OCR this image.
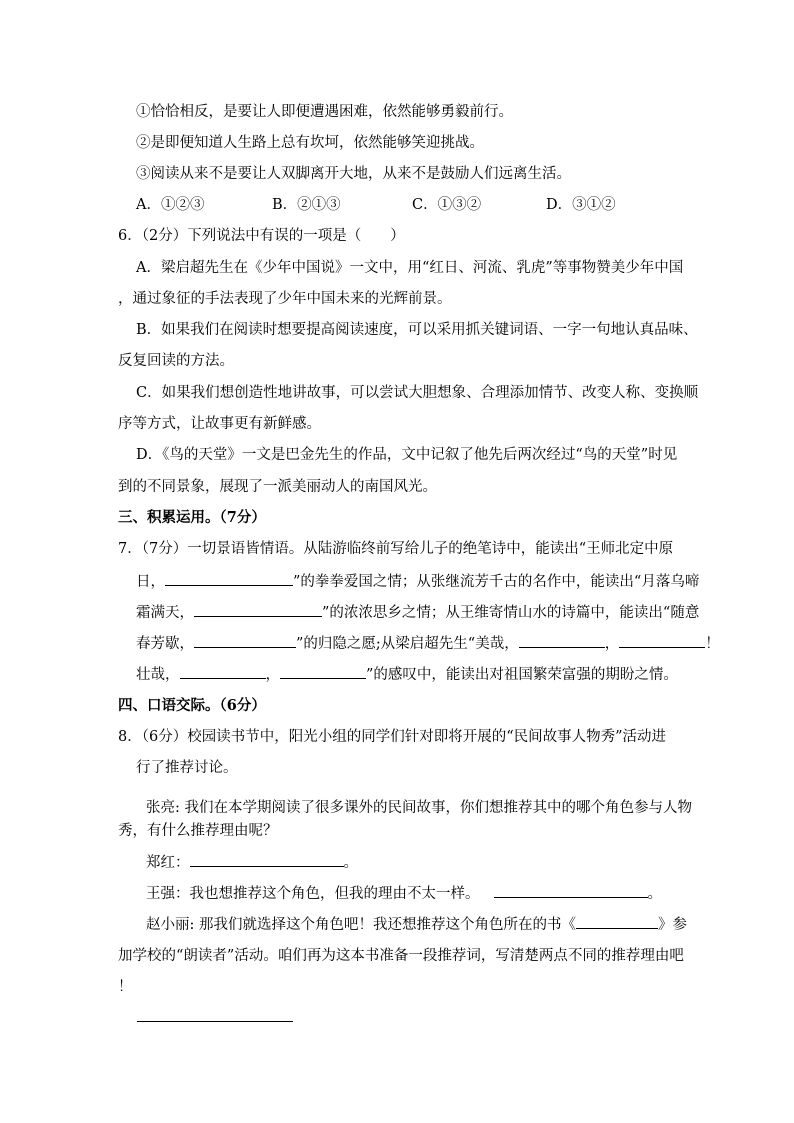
①恰恰相反，是要让人即便遭遇困难，依然能够勇毅前行。
②是即便知道人生路上总有坎坷，依然能够笑迎挑战。
③阅读从来不是要让人双脚离开大地，从来不是鼓励人们远离生活。
A．①②③	B．②①③	C．①③②	D．③①②
6．（2分）下列说法中有误的一项是（　　）
A．梁启超先生在《少年中国说》一文中，用“红日、河流、乳虎”等事物赞美少年中国
，通过象征的手法表现了少年中国未来的光辉前景。
B．如果我们在阅读时想要提高阅读速度，可以采用抓关键词语、一字一句地认真品味、
反复回读的方法。
C．如果我们想创造性地讲故事，可以尝试大胆想象、合理添加情节、改变人称、变换顺
序等方式，让故事更有新鲜感。
D．《鸟的天堂》一文是巴金先生的作品，文中记叙了他先后两次经过“鸟的天堂”时见
到的不同景象，展现了一派美丽动人的南国风光。
三、积累运用。（7分）
7．（7分）一切景语皆情语。从陆游临终前写给儿子的绝笔诗中，能读出“王师北定中原
日，	”的拳拳爱国之情；从张继流芳千古的名作中，能读出“月落乌啼
霜满天，	”的浓浓思乡之情；从王维寄情山水的诗篇中，能读出“随意
春芳歇，	”的归隐之愿;从梁启超先生“美哉，	，	！
壮哉，	，	”的感叹中，能读出对祖国繁荣富强的期盼之情。
四、口语交际。（6分）
8．（6分）校园读书节中，阳光小组的同学们针对即将开展的“民间故事人物秀”活动进
行了推荐讨论。
张亮: 我们在本学期阅读了很多课外的民间故事，你们想推荐其中的哪个角色参与人物
秀，有什么推荐理由呢？
郑红：	。
王强：我也想推荐这个角色，但我的理由不太一样。	。
赵小丽: 那我们就选择这个角色吧！我还想推荐这个角色所在的书《	》参
加学校的“朗读者”活动。咱们再为这本书准备一段推荐词，写清楚两点不同的推荐理由吧
！
